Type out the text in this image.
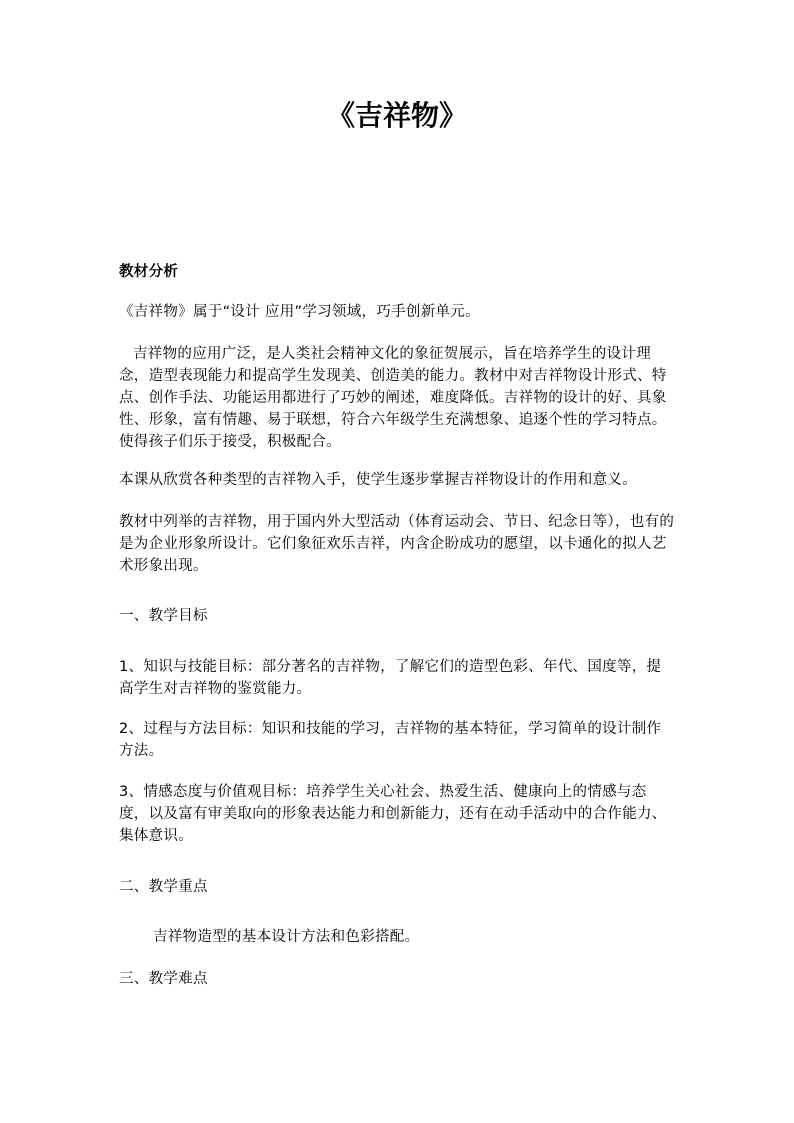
《吉祥物》

教材分析

《吉祥物》属于“设计 应用”学习领域，巧手创新单元。

吉祥物的应用广泛，是人类社会精神文化的象征贺展示，旨在培养学生的设计理念，造型表现能力和提高学生发现美、创造美的能力。教材中对吉祥物设计形式、特点、创作手法、功能运用都进行了巧妙的阐述，难度降低。吉祥物的设计的好、具象性、形象，富有情趣、易于联想，符合六年级学生充满想象、追逐个性的学习特点。使得孩子们乐于接受，积极配合。

本课从欣赏各种类型的吉祥物入手，使学生逐步掌握吉祥物设计的作用和意义。

教材中列举的吉祥物，用于国内外大型活动（体育运动会、节日、纪念日等），也有的是为企业形象所设计。它们象征欢乐吉祥，内含企盼成功的愿望，以卡通化的拟人艺术形象出现。

一、教学目标

1、知识与技能目标：部分著名的吉祥物，了解它们的造型色彩、年代、国度等，提高学生对吉祥物的鉴赏能力。

2、过程与方法目标：知识和技能的学习，吉祥物的基本特征，学习简单的设计制作方法。

3、情感态度与价值观目标：培养学生关心社会、热爱生活、健康向上的情感与态度，以及富有审美取向的形象表达能力和创新能力，还有在动手活动中的合作能力、集体意识。

二、教学重点

吉祥物造型的基本设计方法和色彩搭配。

三、教学难点
